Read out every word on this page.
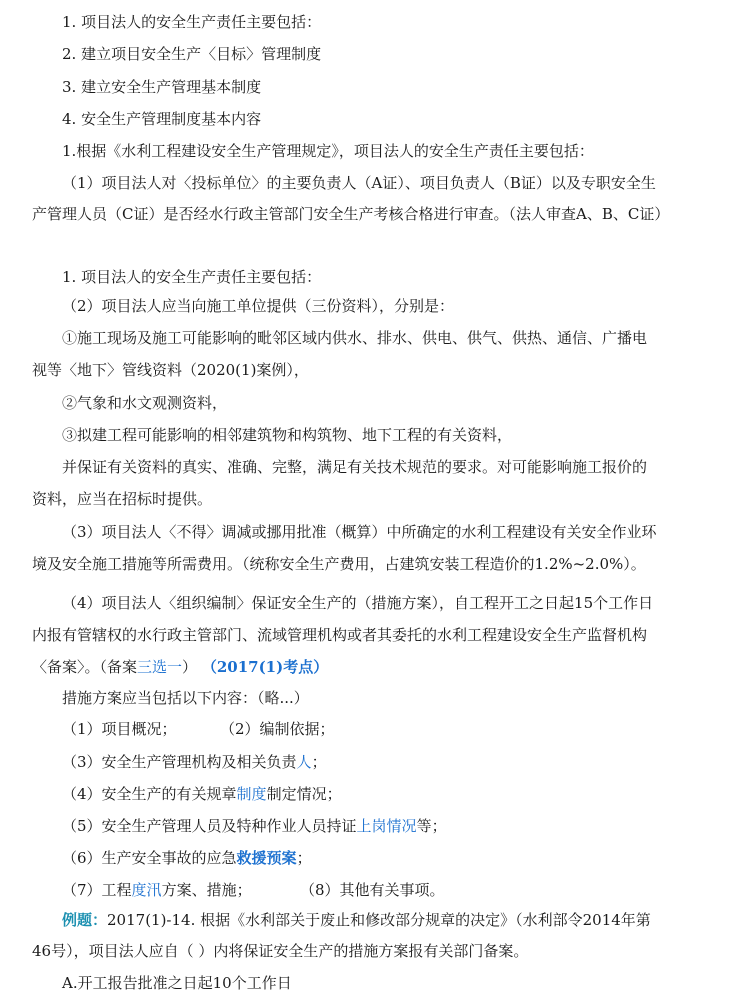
1. 项目法人的安全生产责任主要包括：
2. 建立项目安全生产〈目标〉管理制度
3. 建立安全生产管理基本制度
4. 安全生产管理制度基本内容
1.根据《水利工程建设安全生产管理规定》，项目法人的安全生产责任主要包括：
（1）项目法人对〈投标单位〉的主要负责人（A证）、项目负责人（B证）以及专职安全生
产管理人员（C证）是否经水行政主管部门安全生产考核合格进行审查。（法人审查A、B、C证）
1. 项目法人的安全生产责任主要包括：
（2）项目法人应当向施工单位提供（三份资料），分别是：
①施工现场及施工可能影响的毗邻区域内供水、排水、供电、供气、供热、通信、广播电
视等〈地下〉管线资料（2020(1)案例），
②气象和水文观测资料，
③拟建工程可能影响的相邻建筑物和构筑物、地下工程的有关资料，
并保证有关资料的真实、准确、完整，满足有关技术规范的要求。对可能影响施工报价的
资料，应当在招标时提供。
（3）项目法人〈不得〉调减或挪用批准（概算）中所确定的水利工程建设有关安全作业环
境及安全施工措施等所需费用。（统称安全生产费用，占建筑安装工程造价的1.2%~2.0%）。
（4）项目法人〈组织编制〉保证安全生产的（措施方案），自工程开工之日起15个工作日
内报有管辖权的水行政主管部门、流域管理机构或者其委托的水利工程建设安全生产监督机构
〈备案〉。（备案三选一） （2017(1)考点）
措施方案应当包括以下内容：（略...）
（1）项目概况；	（2）编制依据；
（3）安全生产管理机构及相关负责人；
（4）安全生产的有关规章制度制定情况；
（5）安全生产管理人员及特种作业人员持证上岗情况等；
（6）生产安全事故的应急救援预案；
（7）工程度汛方案、措施；	（8）其他有关事项。
例题：2017(1)-14. 根据《水利部关于废止和修改部分规章的决定》（水利部令2014年第
46号），项目法人应自（ ）内将保证安全生产的措施方案报有关部门备案。
A.开工报告批准之日起10个工作日
